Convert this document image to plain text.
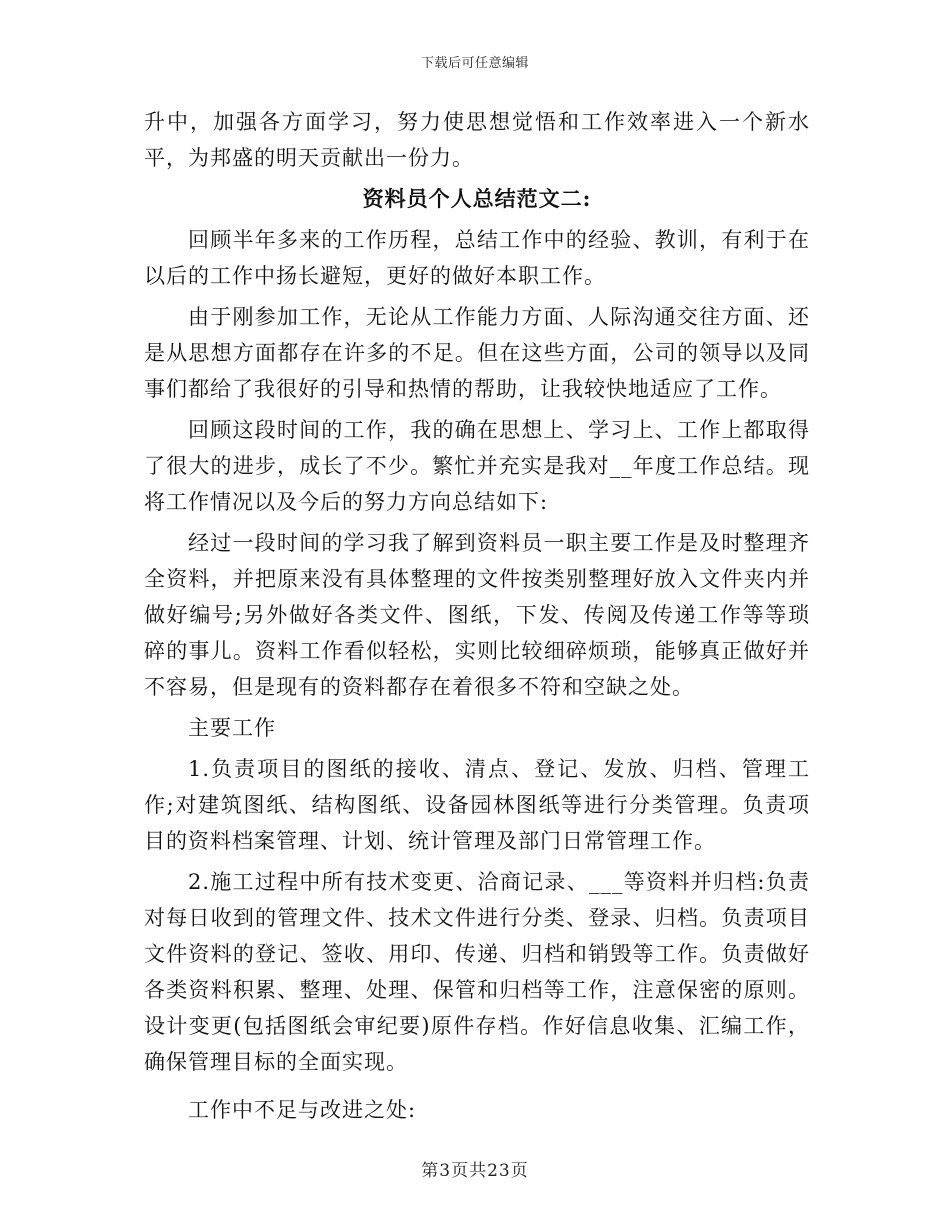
下载后可任意编辑

升中，加强各方面学习，努力使思想觉悟和工作效率进入一个新水平，为邦盛的明天贡献出一份力。

资料员个人总结范文二:

回顾半年多来的工作历程，总结工作中的经验、教训，有利于在以后的工作中扬长避短，更好的做好本职工作。

由于刚参加工作，无论从工作能力方面、人际沟通交往方面、还是从思想方面都存在许多的不足。但在这些方面，公司的领导以及同事们都给了我很好的引导和热情的帮助，让我较快地适应了工作。

回顾这段时间的工作，我的确在思想上、学习上、工作上都取得了很大的进步，成长了不少。繁忙并充实是我对__年度工作总结。现将工作情况以及今后的努力方向总结如下:

经过一段时间的学习我了解到资料员一职主要工作是及时整理齐全资料，并把原来没有具体整理的文件按类别整理好放入文件夹内并做好编号;另外做好各类文件、图纸，下发、传阅及传递工作等等琐碎的事儿。资料工作看似轻松，实则比较细碎烦琐，能够真正做好并不容易，但是现有的资料都存在着很多不符和空缺之处。

主要工作

1.负责项目的图纸的接收、清点、登记、发放、归档、管理工作;对建筑图纸、结构图纸、设备园林图纸等进行分类管理。负责项目的资料档案管理、计划、统计管理及部门日常管理工作。

2.施工过程中所有技术变更、洽商记录、___等资料并归档:负责对每日收到的管理文件、技术文件进行分类、登录、归档。负责项目文件资料的登记、签收、用印、传递、归档和销毁等工作。负责做好各类资料积累、整理、处理、保管和归档等工作，注意保密的原则。设计变更(包括图纸会审纪要)原件存档。作好信息收集、汇编工作，确保管理目标的全面实现。

工作中不足与改进之处:

第3页共23页
